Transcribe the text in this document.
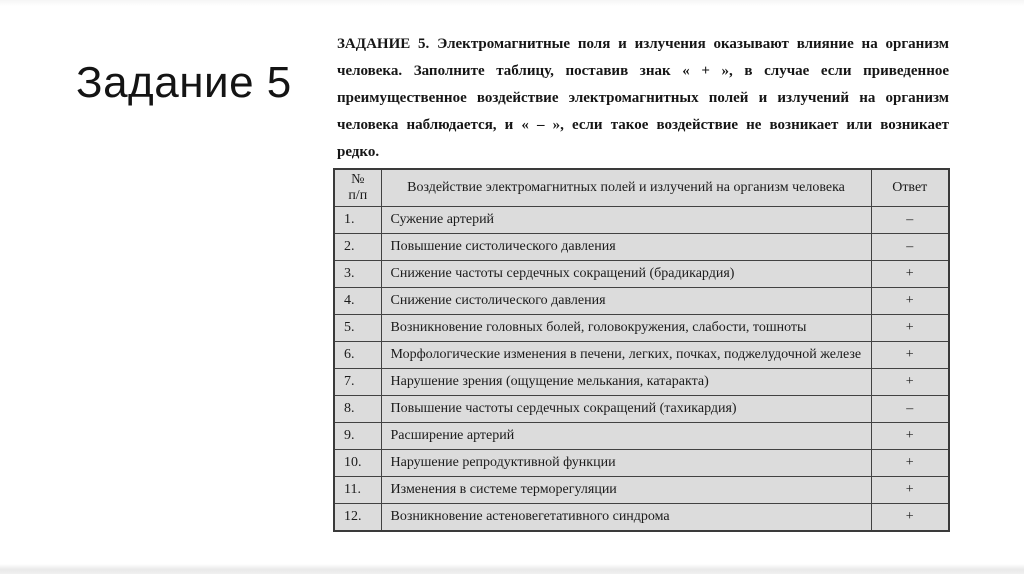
Задание 5
ЗАДАНИЕ 5. Электромагнитные поля и излучения оказывают влияние на организм человека. Заполните таблицу, поставив знак « + », в случае если приведенное преимущественное воздействие электромагнитных полей и излучений на организм человека наблюдается, и « – », если такое воздействие не возникает или возникает редко.
№ п/п	Воздействие электромагнитных полей и излучений на организм человека	Ответ
1.	Сужение артерий	–
2.	Повышение систолического давления	–
3.	Снижение частоты сердечных сокращений (брадикардия)	+
4.	Снижение систолического давления	+
5.	Возникновение головных болей, головокружения, слабости, тошноты	+
6.	Морфологические изменения в печени, легких, почках, поджелудочной железе	+
7.	Нарушение зрения (ощущение мелькания, катаракта)	+
8.	Повышение частоты сердечных сокращений (тахикардия)	–
9.	Расширение артерий	+
10.	Нарушение репродуктивной функции	+
11.	Изменения в системе терморегуляции	+
12.	Возникновение астеновегетативного синдрома	+
